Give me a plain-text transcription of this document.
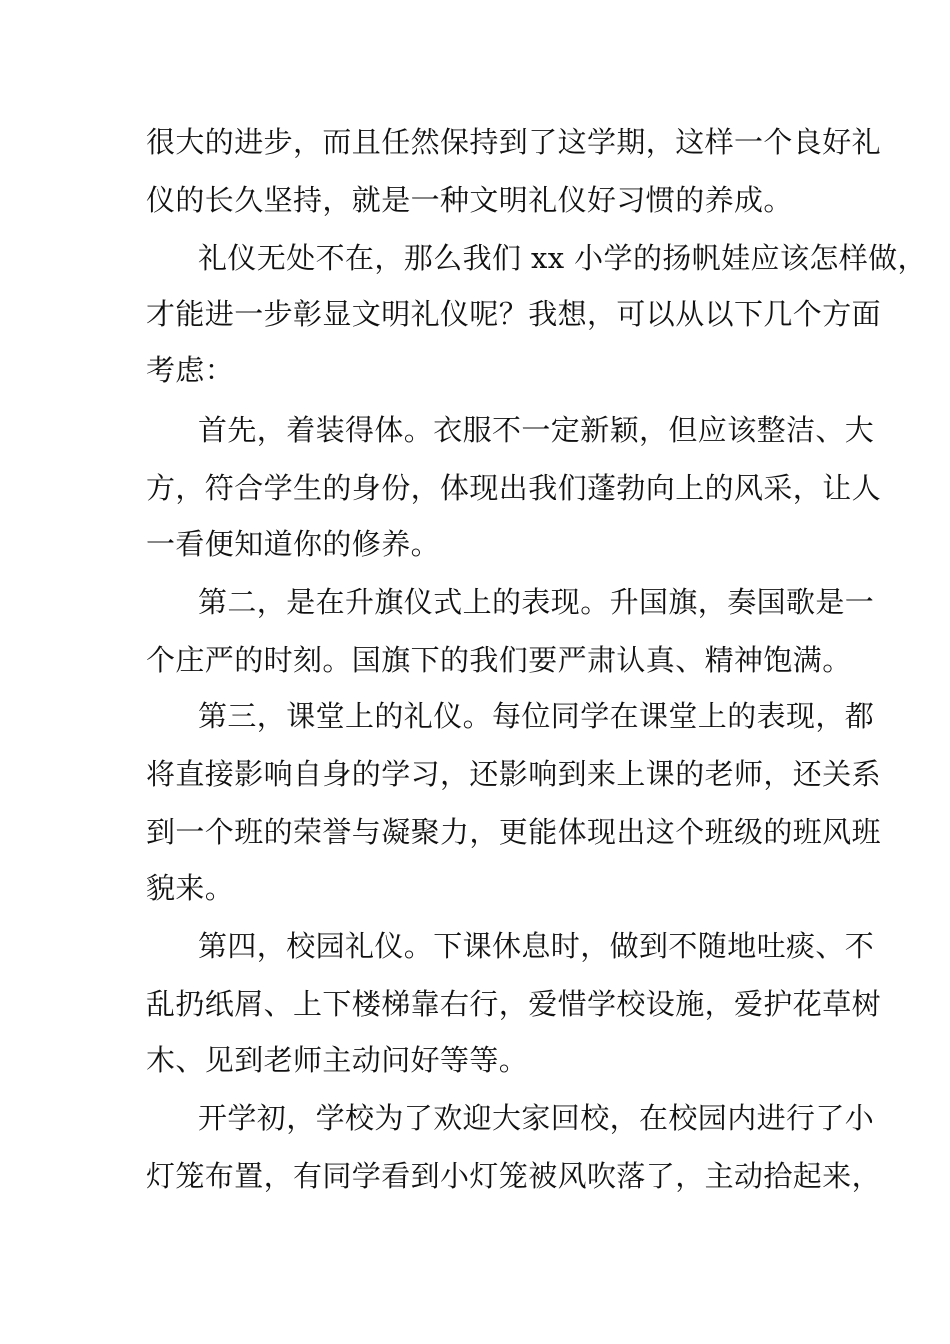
很大的进步，而且任然保持到了这学期，这样一个良好礼
仪的长久坚持，就是一种文明礼仪好习惯的养成。
礼仪无处不在，那么我们 xx 小学的扬帆娃应该怎样做，
才能进一步彰显文明礼仪呢？我想，可以从以下几个方面
考虑：
首先，着装得体。衣服不一定新颖，但应该整洁、大
方，符合学生的身份，体现出我们蓬勃向上的风采，让人
一看便知道你的修养。
第二，是在升旗仪式上的表现。升国旗，奏国歌是一
个庄严的时刻。国旗下的我们要严肃认真、精神饱满。
第三，课堂上的礼仪。每位同学在课堂上的表现，都
将直接影响自身的学习，还影响到来上课的老师，还关系
到一个班的荣誉与凝聚力，更能体现出这个班级的班风班
貌来。
第四，校园礼仪。下课休息时，做到不随地吐痰、不
乱扔纸屑、上下楼梯靠右行，爱惜学校设施，爱护花草树
木、见到老师主动问好等等。
开学初，学校为了欢迎大家回校，在校园内进行了小
灯笼布置，有同学看到小灯笼被风吹落了，主动拾起来，
